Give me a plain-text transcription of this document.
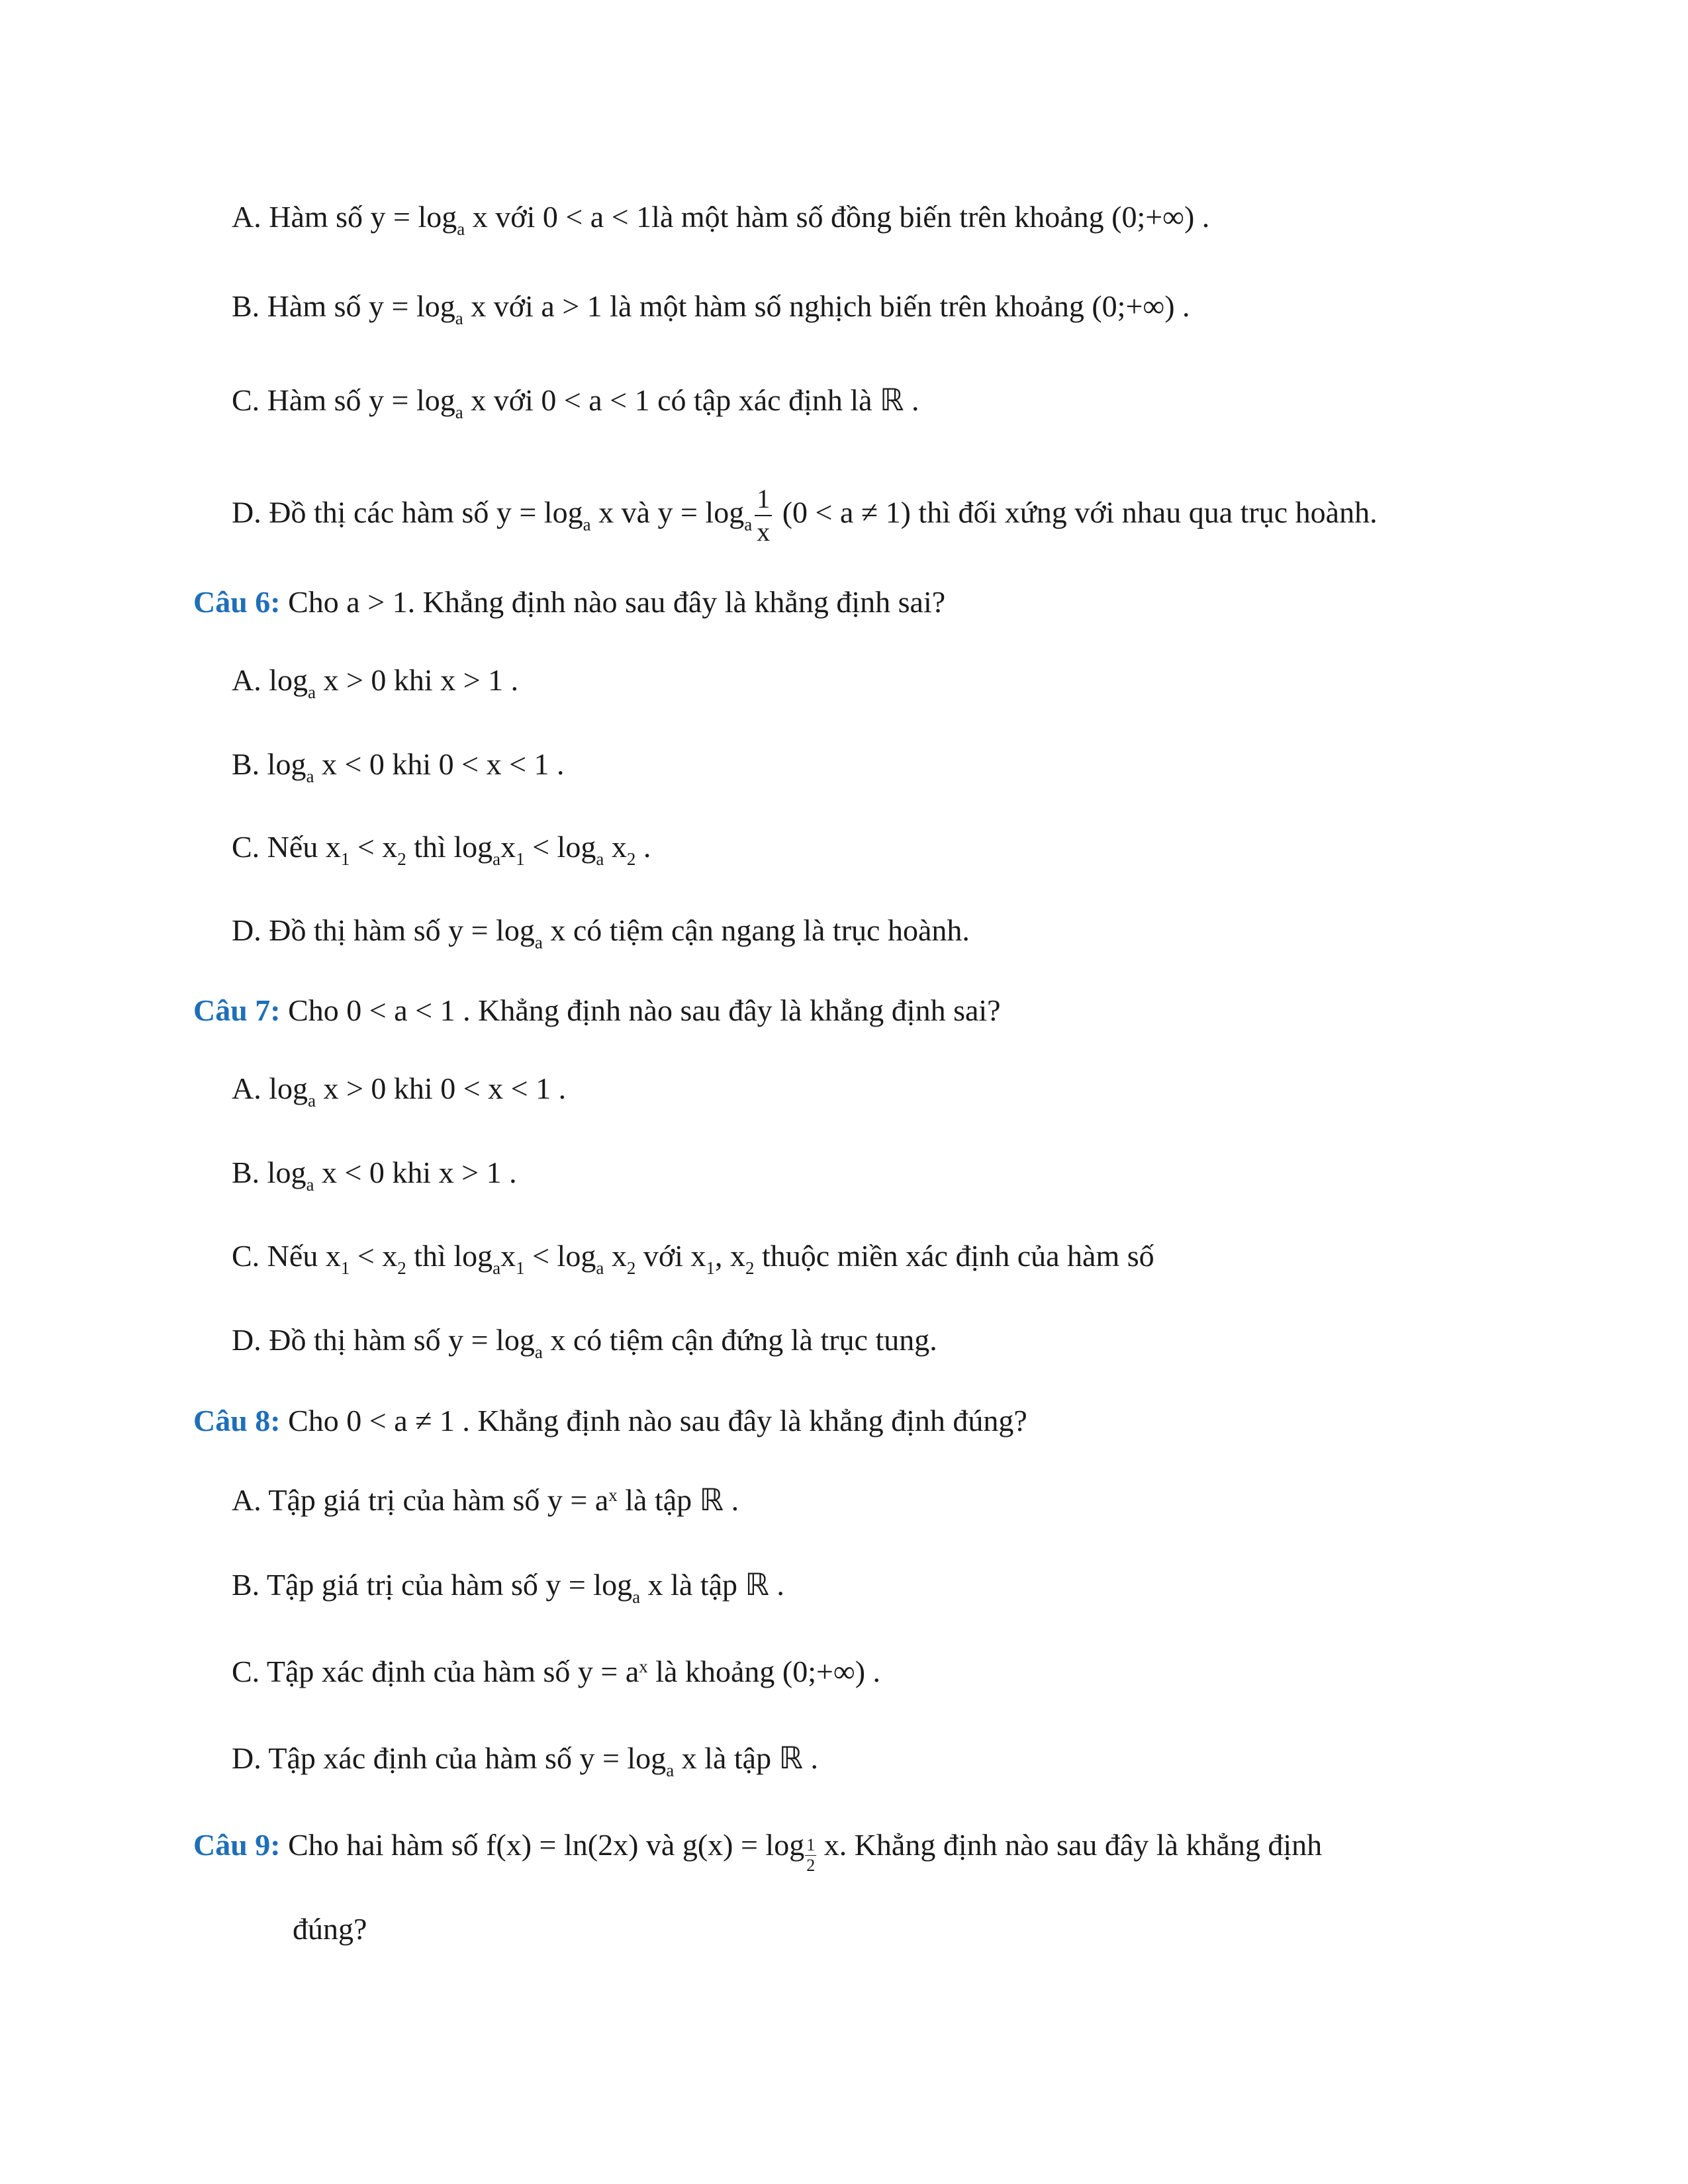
A. Hàm số $y = \log_a x$ với 0 < a < 1là một hàm số đồng biến trên khoảng (0;+∞) .
B. Hàm số $y = \log_a x$ với a > 1 là một hàm số nghịch biến trên khoảng (0;+∞) .
C. Hàm số $y = \log_a x$ với 0 < a < 1 có tập xác định là ℝ .
D. Đồ thị các hàm số $y = \log_a x$ và $y = \log_a \frac{1}{x} (0 < a \ne 1)$ thì đối xứng với nhau qua trục hoành.
Câu 6: Cho a > 1. Khẳng định nào sau đây là khẳng định sai?
A. $\log_a x > 0$ khi x > 1 .
B. $\log_a x < 0$ khi 0 < x < 1 .
C. Nếu $x_1 < x_2$ thì $\log_ax_1 < \log_a x_2$ .
D. Đồ thị hàm số $y = \log_a x$ có tiệm cận ngang là trục hoành.
Câu 7: Cho 0 < a < 1 . Khẳng định nào sau đây là khẳng định sai?
A. $\log_a x > 0$ khi 0 < x < 1 .
B. $\log_a x < 0$ khi x > 1 .
C. Nếu $x_1 < x_2$ thì $\log_ax_1 < \log_a x_2$ với $x_1$, $x_2$ thuộc miền xác định của hàm số
D. Đồ thị hàm số $y = \log_a x$ có tiệm cận đứng là trục tung.
Câu 8: Cho 0 < a ≠ 1 . Khẳng định nào sau đây là khẳng định đúng?
A. Tập giá trị của hàm số $y = a^x$ là tập ℝ .
B. Tập giá trị của hàm số $y = \log_a x$ là tập ℝ .
C. Tập xác định của hàm số $y = a^x$ là khoảng (0;+∞) .
D. Tập xác định của hàm số $y = \log_a x$ là tập ℝ .
Câu 9: Cho hai hàm số f(x) = ln(2x) và $g(x) = \log \frac{1}{2} x$. Khẳng định nào sau đây là khẳng định
đúng?
